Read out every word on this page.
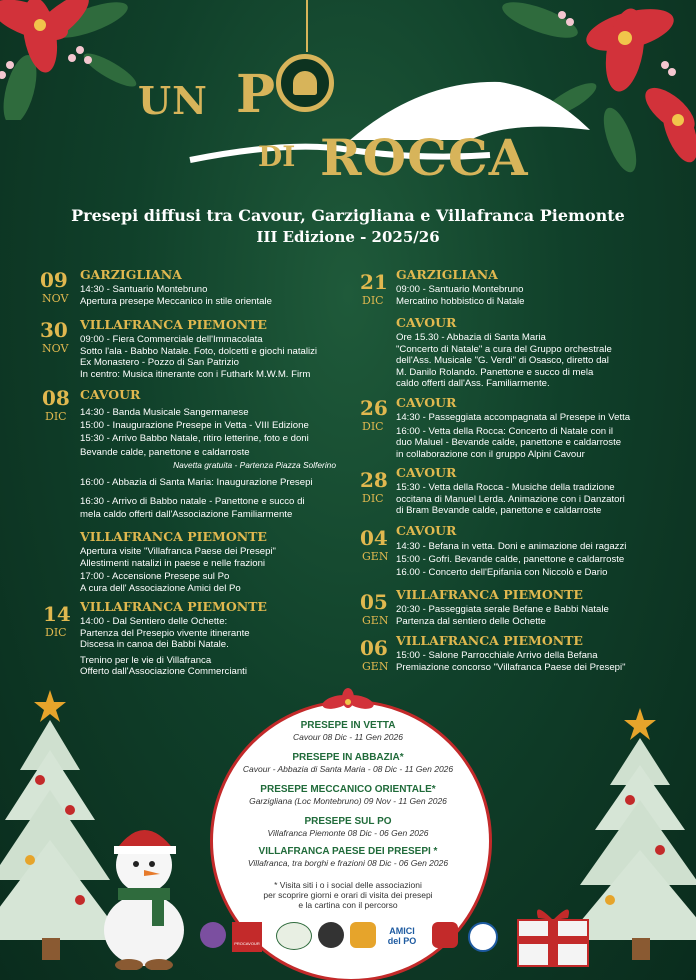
UN P
DI ROCCA
Presepi diffusi tra Cavour, Garzigliana e Villafranca Piemonte
III Edizione - 2025/26
09
NOV
GARZIGLIANA
14:30 - Santuario Montebruno
Apertura presepe Meccanico in stile orientale
30
NOV
VILLAFRANCA PIEMONTE
09:00 - Fiera Commerciale dell'Immacolata
Sotto l'ala - Babbo Natale. Foto, dolcetti e giochi natalizi
Ex Monastero - Pozzo di San Patrizio
In centro: Musica itinerante con i Futhark M.W.M. Firm
08
DIC
CAVOUR
14:30 - Banda Musicale Sangermanese
15:00 - Inaugurazione Presepe in Vetta - VIII Edizione
15:30 - Arrivo Babbo Natale, ritiro letterine, foto e doni
Bevande calde, panettone e caldarroste
Navetta gratuita - Partenza Piazza Solferino
16:00 - Abbazia di Santa Maria: Inaugurazione Presepi
16:30 - Arrivo di Babbo natale - Panettone e succo di
mela caldo offerti dall'Associazione Familiarmente
VILLAFRANCA PIEMONTE
Apertura visite "Villafranca Paese dei Presepi"
Allestimenti natalizi in paese e nelle frazioni
17:00 - Accensione Presepe sul Po
A cura dell' Associazione Amici del Po
14
DIC
VILLAFRANCA PIEMONTE
14:00 - Dal Sentiero delle Ochette:
Partenza del Presepio vivente itinerante
Discesa in canoa dei Babbi Natale.
Trenino per le vie di Villafranca
Offerto dall'Associazione Commercianti
21
DIC
GARZIGLIANA
09:00 - Santuario Montebruno
Mercatino hobbistico di Natale
CAVOUR
Ore 15.30 - Abbazia di Santa Maria
"Concerto di Natale" a cura del Gruppo orchestrale
dell'Ass. Musicale "G. Verdi" di Osasco, diretto dal
M. Danilo Rolando. Panettone e succo di mela
caldo offerti dall'Ass. Familiarmente.
26
DIC
CAVOUR
14:30 - Passeggiata accompagnata al Presepe in Vetta
16:00 - Vetta della Rocca: Concerto di Natale con il
duo Maluel - Bevande calde, panettone e caldarroste
in collaborazione con il gruppo Alpini Cavour
28
DIC
CAVOUR
15:30 - Vetta della Rocca - Musiche della tradizione
occitana di Manuel Lerda. Animazione con i Danzatori
di Bram Bevande calde, panettone e caldarroste
04
GEN
CAVOUR
14:30 - Befana in vetta. Doni e animazione dei ragazzi
15:00 - Gofri. Bevande calde, panettone e caldarroste
16.00 - Concerto dell'Epifania con Niccolò e Dario
05
GEN
VILLAFRANCA PIEMONTE
20:30 - Passeggiata serale Befane e Babbi Natale
Partenza dal sentiero delle Ochette
06
GEN
VILLAFRANCA PIEMONTE
15:00 - Salone Parrocchiale Arrivo della Befana
Premiazione concorso "Villafranca Paese dei Presepi"
PRESEPE IN VETTA
Cavour 08 Dic - 11 Gen 2026
PRESEPE IN ABBAZIA*
Cavour - Abbazia di Santa Maria - 08 Dic - 11 Gen 2026
PRESEPE MECCANICO ORIENTALE*
Garzigliana (Loc Montebruno) 09 Nov - 11 Gen 2026
PRESEPE SUL PO
Villafranca Piemonte 08 Dic - 06 Gen 2026
VILLAFRANCA PAESE DEI PRESEPI *
Villafranca, tra borghi e frazioni 08 Dic - 06 Gen 2026
* Visita siti i o i social delle associazioni
per scoprire giorni e orari di visita dei presepi
e la cartina con il percorso
PROCAVOUR
AMICI del PO
